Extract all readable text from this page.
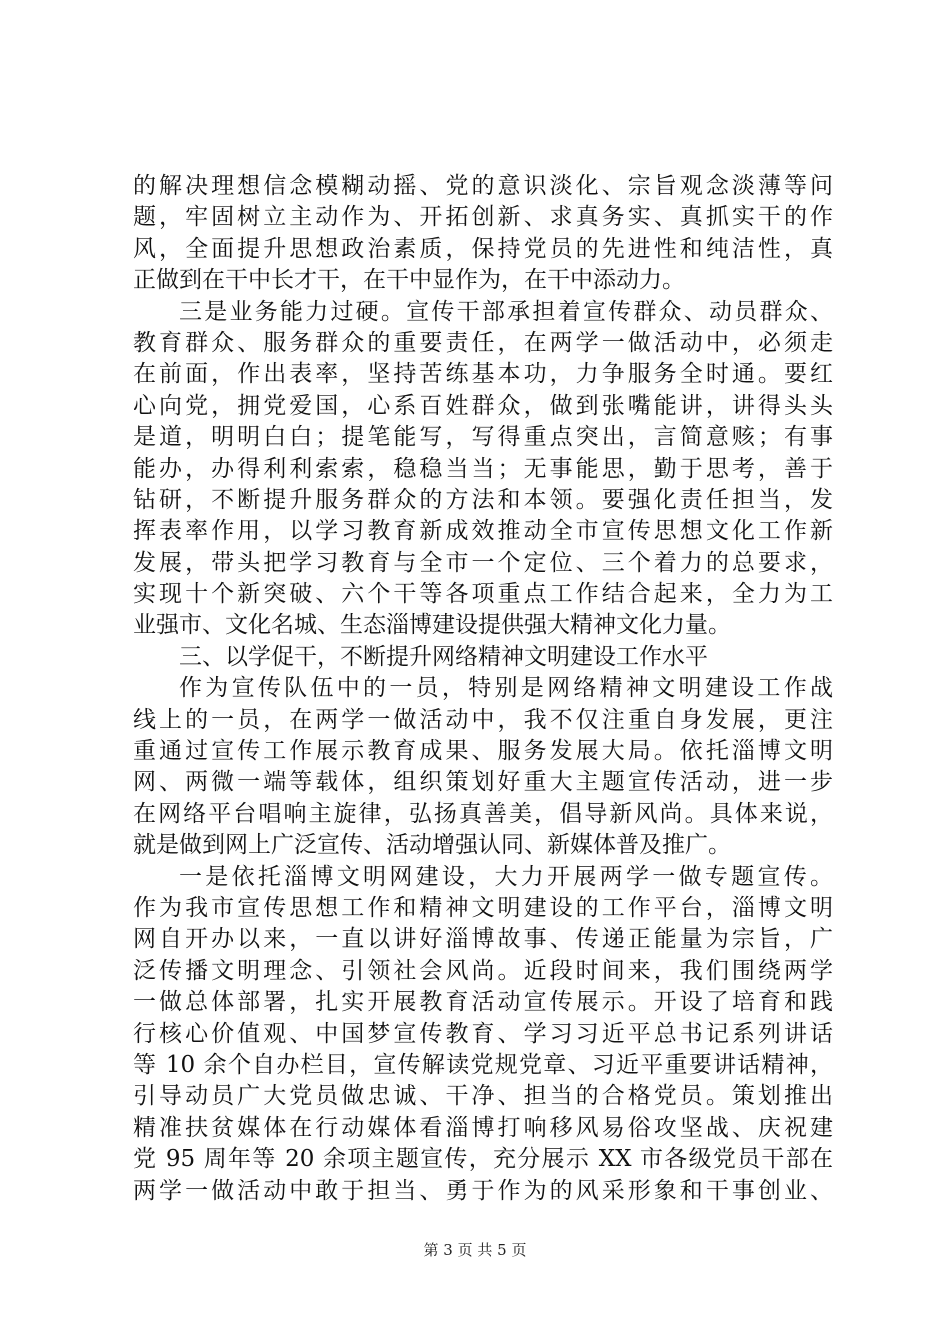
的解决理想信念模糊动摇、党的意识淡化、宗旨观念淡薄等问
题，牢固树立主动作为、开拓创新、求真务实、真抓实干的作
风，全面提升思想政治素质，保持党员的先进性和纯洁性，真
正做到在干中长才干，在干中显作为，在干中添动力。
三是业务能力过硬。宣传干部承担着宣传群众、动员群众、
教育群众、服务群众的重要责任，在两学一做活动中，必须走
在前面，作出表率，坚持苦练基本功，力争服务全时通。要红
心向党，拥党爱国，心系百姓群众，做到张嘴能讲，讲得头头
是道，明明白白；提笔能写，写得重点突出，言简意赅；有事
能办，办得利利索索，稳稳当当；无事能思，勤于思考，善于
钻研，不断提升服务群众的方法和本领。要强化责任担当，发
挥表率作用，以学习教育新成效推动全市宣传思想文化工作新
发展，带头把学习教育与全市一个定位、三个着力的总要求，
实现十个新突破、六个干等各项重点工作结合起来，全力为工
业强市、文化名城、生态淄博建设提供强大精神文化力量。
三、以学促干，不断提升网络精神文明建设工作水平
作为宣传队伍中的一员，特别是网络精神文明建设工作战
线上的一员，在两学一做活动中，我不仅注重自身发展，更注
重通过宣传工作展示教育成果、服务发展大局。依托淄博文明
网、两微一端等载体，组织策划好重大主题宣传活动，进一步
在网络平台唱响主旋律，弘扬真善美，倡导新风尚。具体来说，
就是做到网上广泛宣传、活动增强认同、新媒体普及推广。
一是依托淄博文明网建设，大力开展两学一做专题宣传。
作为我市宣传思想工作和精神文明建设的工作平台，淄博文明
网自开办以来，一直以讲好淄博故事、传递正能量为宗旨，广
泛传播文明理念、引领社会风尚。近段时间来，我们围绕两学
一做总体部署，扎实开展教育活动宣传展示。开设了培育和践
行核心价值观、中国梦宣传教育、学习习近平总书记系列讲话
等 10 余个自办栏目，宣传解读党规党章、习近平重要讲话精神，
引导动员广大党员做忠诚、干净、担当的合格党员。策划推出
精准扶贫媒体在行动媒体看淄博打响移风易俗攻坚战、庆祝建
党 95 周年等 20 余项主题宣传，充分展示 XX 市各级党员干部在
两学一做活动中敢于担当、勇于作为的风采形象和干事创业、
第 3 页 共 5 页
